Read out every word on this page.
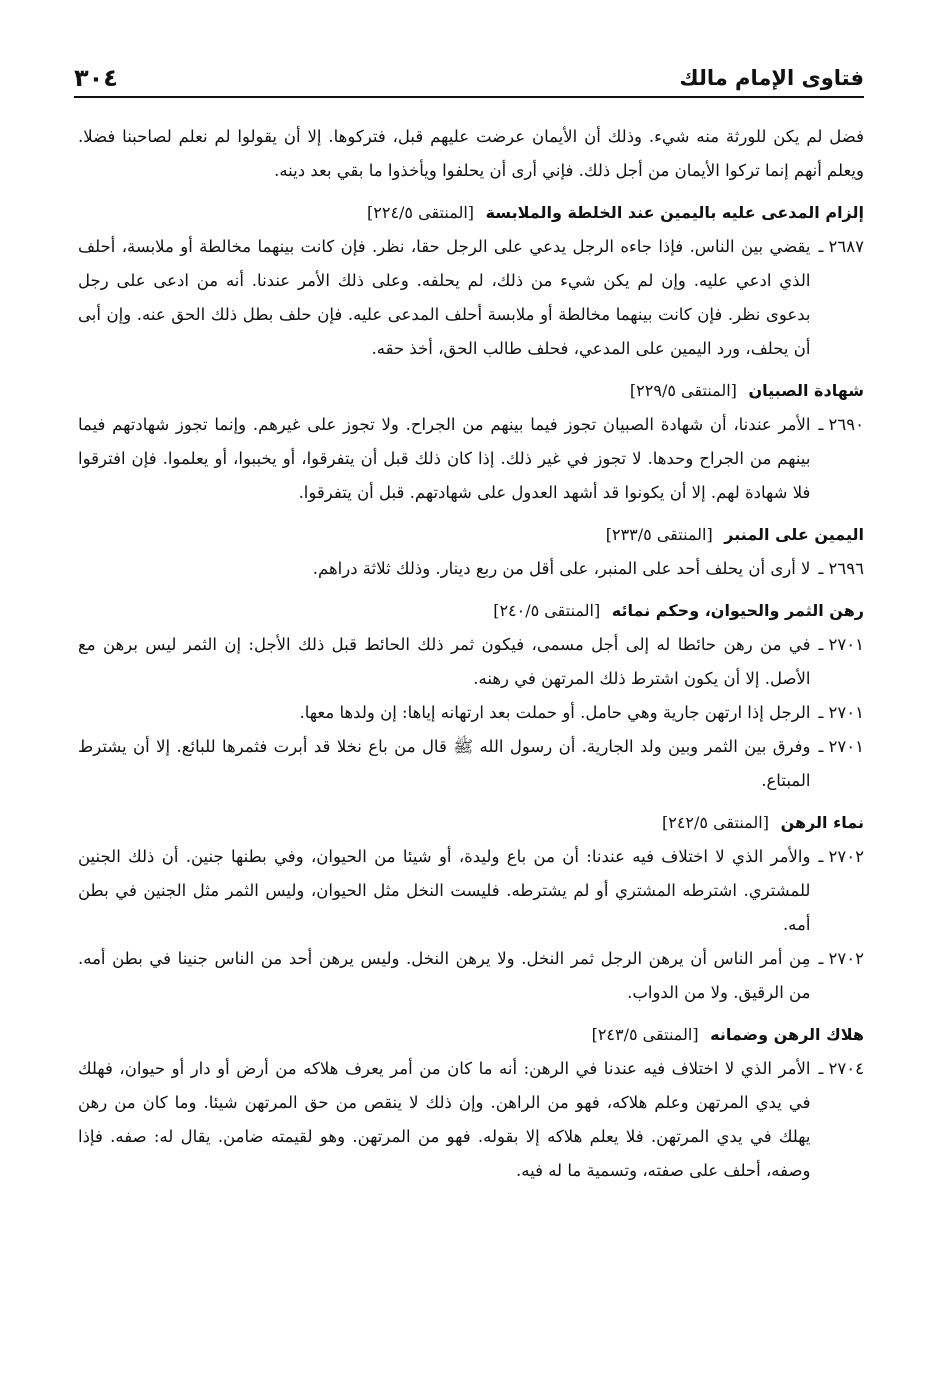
فتاوى الإمام مالك
٣٠٤

فضل لم يكن للورثة منه شيء. وذلك أن الأيمان عرضت عليهم قبل، فتركوها. إلا أن يقولوا لم نعلم لصاحبنا فضلا. ويعلم أنهم إنما تركوا الأيمان من أجل ذلك. فإني أرى أن يحلفوا ويأخذوا ما بقي بعد دينه.

إلزام المدعى عليه باليمين عند الخلطة والملابسة [المنتقى ٢٢٤/٥]
٢٦٨٧ ـ
يقضي بين الناس. فإذا جاءه الرجل يدعي على الرجل حقا، نظر. فإن كانت بينهما مخالطة أو ملابسة، أحلف الذي ادعي عليه. وإن لم يكن شيء من ذلك، لم يحلفه. وعلى ذلك الأمر عندنا. أنه من ادعى على رجل بدعوى نظر. فإن كانت بينهما مخالطة أو ملابسة أحلف المدعى عليه. فإن حلف بطل ذلك الحق عنه. وإن أبى أن يحلف، ورد اليمين على المدعي، فحلف طالب الحق، أخذ حقه.
شهادة الصبيان [المنتقى ٢٢٩/٥]
٢٦٩٠ ـ
الأمر عندنا، أن شهادة الصبيان تجوز فيما بينهم من الجراح. ولا تجوز على غيرهم. وإنما تجوز شهادتهم فيما بينهم من الجراح وحدها. لا تجوز في غير ذلك. إذا كان ذلك قبل أن يتفرقوا، أو يخببوا، أو يعلموا. فإن افترقوا فلا شهادة لهم. إلا أن يكونوا قد أشهد العدول على شهادتهم. قبل أن يتفرقوا.
اليمين على المنبر [المنتقى ٢٣٣/٥]
٢٦٩٦ ـ
لا أرى أن يحلف أحد على المنبر، على أقل من ربع دينار. وذلك ثلاثة دراهم.
رهن الثمر والحيوان، وحكم نمائه [المنتقى ٢٤٠/٥]
٢٧٠١ ـ
في من رهن حائطا له إلى أجل مسمى، فيكون ثمر ذلك الحائط قبل ذلك الأجل: إن الثمر ليس برهن مع الأصل. إلا أن يكون اشترط ذلك المرتهن في رهنه.
٢٧٠١ ـ
الرجل إذا ارتهن جارية وهي حامل. أو حملت بعد ارتهانه إياها: إن ولدها معها.
٢٧٠١ ـ
وفرق بين الثمر وبين ولد الجارية. أن رسول الله ﷺ قال من باع نخلا قد أبرت فثمرها للبائع. إلا أن يشترط المبتاع.
نماء الرهن [المنتقى ٢٤٢/٥]
٢٧٠٢ ـ
والأمر الذي لا اختلاف فيه عندنا: أن من باع وليدة، أو شيئا من الحيوان، وفي بطنها جنين. أن ذلك الجنين للمشتري. اشترطه المشتري أو لم يشترطه. فليست النخل مثل الحيوان، وليس الثمر مثل الجنين في بطن أمه.
٢٧٠٢ ـ
مِن أمر الناس أن يرهن الرجل ثمر النخل. ولا يرهن النخل. وليس يرهن أحد من الناس جنينا في بطن أمه. من الرقيق. ولا من الدواب.
هلاك الرهن وضمانه [المنتقى ٢٤٣/٥]
٢٧٠٤ ـ
الأمر الذي لا اختلاف فيه عندنا في الرهن: أنه ما كان من أمر يعرف هلاكه من أرض أو دار أو حيوان، فهلك في يدي المرتهن وعلم هلاكه، فهو من الراهن. وإن ذلك لا ينقص من حق المرتهن شيئا. وما كان من رهن يهلك في يدي المرتهن. فلا يعلم هلاكه إلا بقوله. فهو من المرتهن. وهو لقيمته ضامن. يقال له: صفه. فإذا وصفه، أحلف على صفته، وتسمية ما له فيه.
